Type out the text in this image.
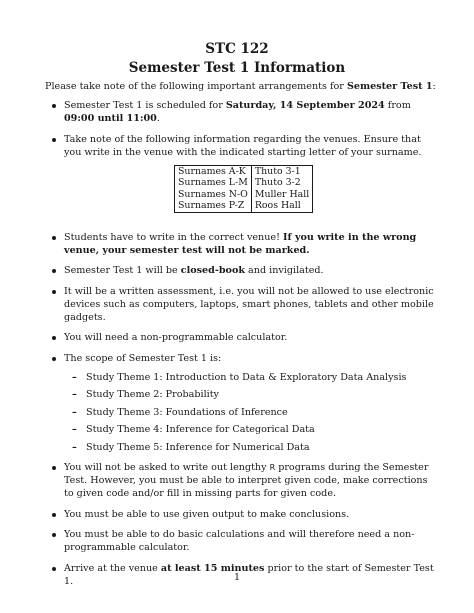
STC 122
Semester Test 1 Information

Please take note of the following important arrangements for Semester Test 1:

Semester Test 1 is scheduled for Saturday, 14 September 2024 from 09:00 until 11:00.
Take note of the following information regarding the venues. Ensure that you write in the venue with the indicated starting letter of your surname.
Surnames A-K	Thuto 3-1
Surnames L-M	Thuto 3-2
Surnames N-O	Muller Hall
Surnames P-Z	Roos Hall
Students have to write in the correct venue! If you write in the wrong venue, your semester test will not be marked.
Semester Test 1 will be closed-book and invigilated.
It will be a written assessment, i.e. you will not be allowed to use electronic devices such as computers, laptops, smart phones, tablets and other mobile gadgets.
You will need a non-programmable calculator.
The scope of Semester Test 1 is:
– Study Theme 1: Introduction to Data & Exploratory Data Analysis
– Study Theme 2: Probability
– Study Theme 3: Foundations of Inference
– Study Theme 4: Inference for Categorical Data
– Study Theme 5: Inference for Numerical Data
You will not be asked to write out lengthy R programs during the Semester Test. However, you must be able to interpret given code, make corrections to given code and/or fill in missing parts for given code.
You must be able to use given output to make conclusions.
You must be able to do basic calculations and will therefore need a non-programmable calculator.
Arrive at the venue at least 15 minutes prior to the start of Semester Test 1.	1
